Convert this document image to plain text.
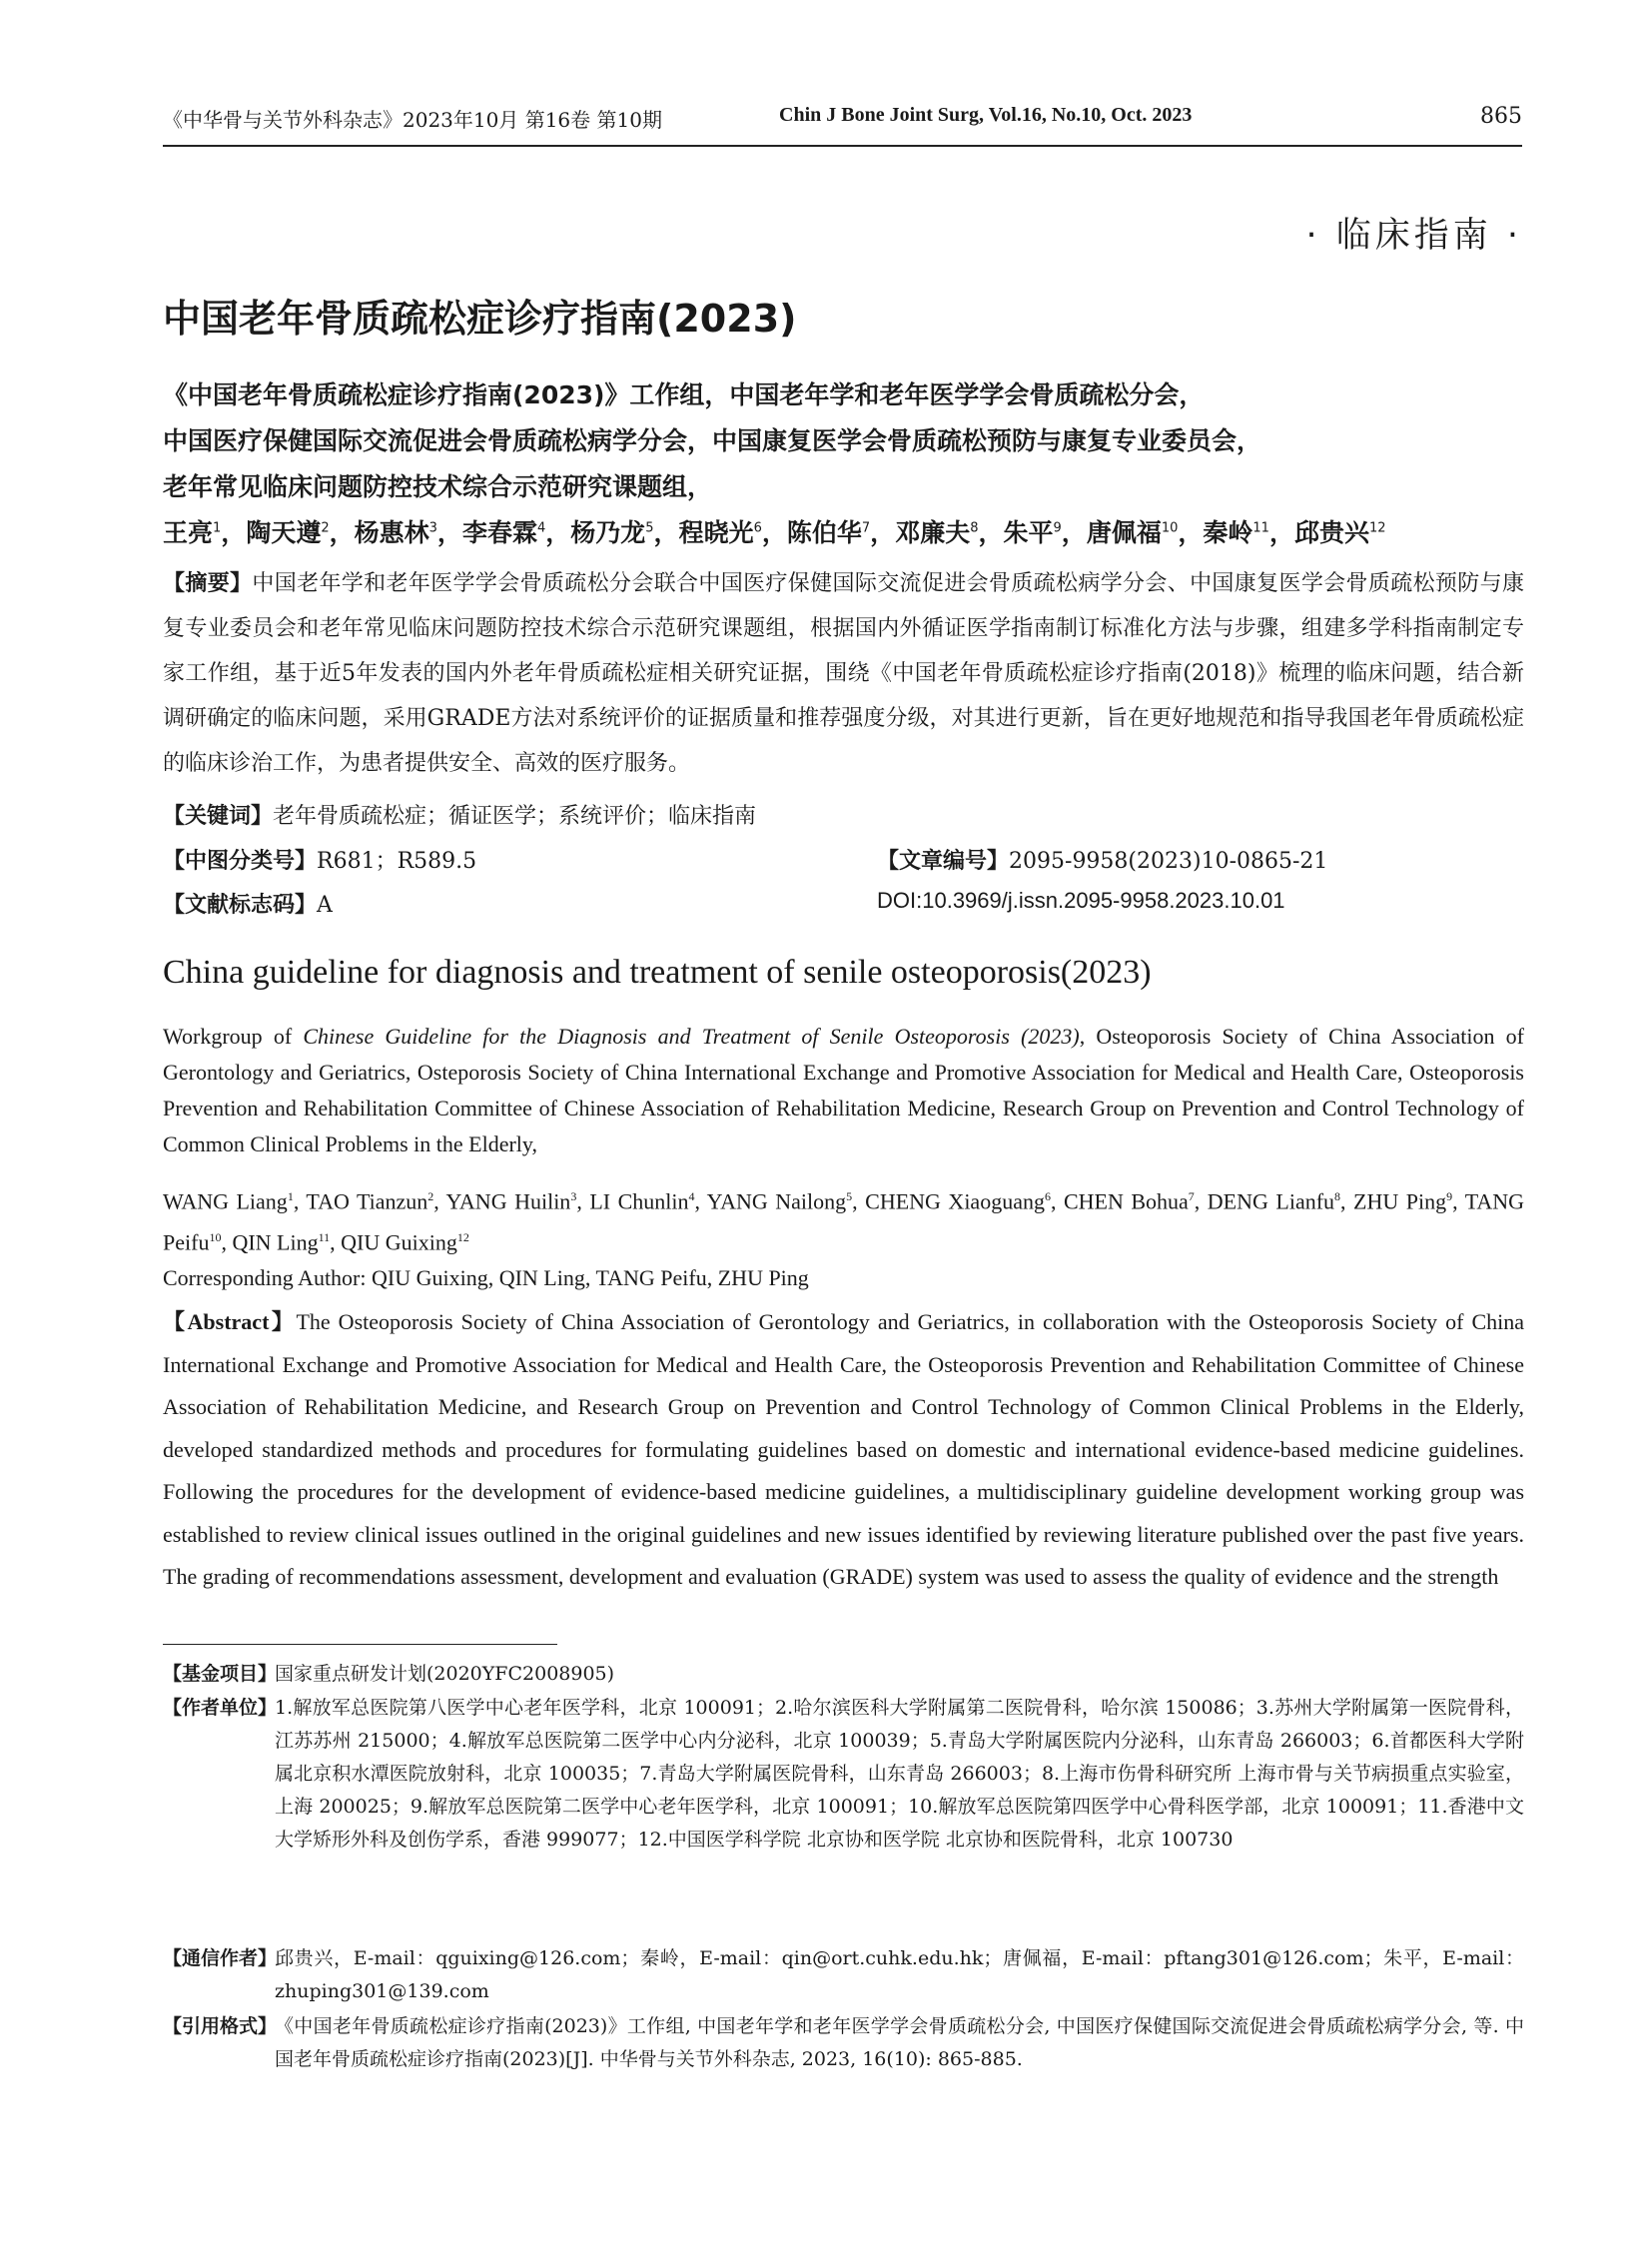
《中华骨与关节外科杂志》2023年10月 第16卷 第10期	Chin J Bone Joint Surg, Vol.16, No.10, Oct. 2023	865
· 临床指南 ·
中国老年骨质疏松症诊疗指南(2023)
《中国老年骨质疏松症诊疗指南(2023)》工作组，中国老年学和老年医学学会骨质疏松分会，
中国医疗保健国际交流促进会骨质疏松病学分会，中国康复医学会骨质疏松预防与康复专业委员会，
老年常见临床问题防控技术综合示范研究课题组，
王亮$^1$，陶天遵$^2$，杨惠林$^3$，李春霖$^4$，杨乃龙$^5$，程晓光$^6$，陈伯华$^7$，邓廉夫$^8$，朱平$^9$，唐佩福$^{10}$，秦岭$^{11}$，邱贵兴$^{12}$
【摘要】中国老年学和老年医学学会骨质疏松分会联合中国医疗保健国际交流促进会骨质疏松病学分会、中国康复医学会骨质疏松预防与康复专业委员会和老年常见临床问题防控技术综合示范研究课题组，根据国内外循证医学指南制订标准化方法与步骤，组建多学科指南制定专家工作组，基于近5年发表的国内外老年骨质疏松症相关研究证据，围绕《中国老年骨质疏松症诊疗指南(2018)》梳理的临床问题，结合新调研确定的临床问题，采用GRADE方法对系统评价的证据质量和推荐强度分级，对其进行更新，旨在更好地规范和指导我国老年骨质疏松症的临床诊治工作，为患者提供安全、高效的医疗服务。
【关键词】老年骨质疏松症；循证医学；系统评价；临床指南
【中图分类号】R681；R589.5	【文章编号】2095-9958(2023)10-0865-21
【文献标志码】A	DOI:10.3969/j.issn.2095-9958.2023.10.01
China guideline for diagnosis and treatment of senile osteoporosis(2023)
Workgroup of Chinese Guideline for the Diagnosis and Treatment of Senile Osteoporosis (2023), Osteoporosis Society of China Association of Gerontology and Geriatrics, Osteporosis Society of China International Exchange and Promotive Association for Medical and Health Care, Osteoporosis Prevention and Rehabilitation Committee of Chinese Association of Rehabilitation Medicine, Research Group on Prevention and Control Technology of Common Clinical Problems in the Elderly,
WANG Liang$^1$, TAO Tianzun$^2$, YANG Huilin$^3$, LI Chunlin$^4$, YANG Nailong$^5$, CHENG Xiaoguang$^6$, CHEN Bohua$^7$, DENG Lianfu$^8$, ZHU Ping$^9$, TANG Peifu$^{10}$, QIN Ling$^{11}$, QIU Guixing$^{12}$
Corresponding Author: QIU Guixing, QIN Ling, TANG Peifu, ZHU Ping
【Abstract】The Osteoporosis Society of China Association of Gerontology and Geriatrics, in collaboration with the Osteoporosis Society of China International Exchange and Promotive Association for Medical and Health Care, the Osteoporosis Prevention and Rehabilitation Committee of Chinese Association of Rehabilitation Medicine, and Research Group on Prevention and Control Technology of Common Clinical Problems in the Elderly, developed standardized methods and procedures for formulating guidelines based on domestic and international evidence-based medicine guidelines. Following the procedures for the development of evidence-based medicine guidelines, a multidisciplinary guideline development working group was established to review clinical issues outlined in the original guidelines and new issues identified by reviewing literature published over the past five years. The grading of recommendations assessment, development and evaluation (GRADE) system was used to assess the quality of evidence and the strength
【基金项目】
国家重点研发计划(2020YFC2008905)
【作者单位】
1.解放军总医院第八医学中心老年医学科，北京 100091；2.哈尔滨医科大学附属第二医院骨科，哈尔滨 150086；3.苏州大学附属第一医院骨科，江苏苏州 215000；4.解放军总医院第二医学中心内分泌科，北京 100039；5.青岛大学附属医院内分泌科，山东青岛 266003；6.首都医科大学附属北京积水潭医院放射科，北京 100035；7.青岛大学附属医院骨科，山东青岛 266003；8.上海市伤骨科研究所 上海市骨与关节病损重点实验室，上海 200025；9.解放军总医院第二医学中心老年医学科，北京 100091；10.解放军总医院第四医学中心骨科医学部，北京 100091；11.香港中文大学矫形外科及创伤学系，香港 999077；12.中国医学科学院 北京协和医学院 北京协和医院骨科，北京 100730
【通信作者】
邱贵兴，E-mail：qguixing@126.com；秦岭，E-mail：qin@ort.cuhk.edu.hk；唐佩福，E-mail：pftang301@126.com；朱平，E-mail：zhuping301@139.com
【引用格式】
《中国老年骨质疏松症诊疗指南(2023)》工作组, 中国老年学和老年医学学会骨质疏松分会, 中国医疗保健国际交流促进会骨质疏松病学分会, 等. 中国老年骨质疏松症诊疗指南(2023)[J]. 中华骨与关节外科杂志, 2023, 16(10): 865-885.
